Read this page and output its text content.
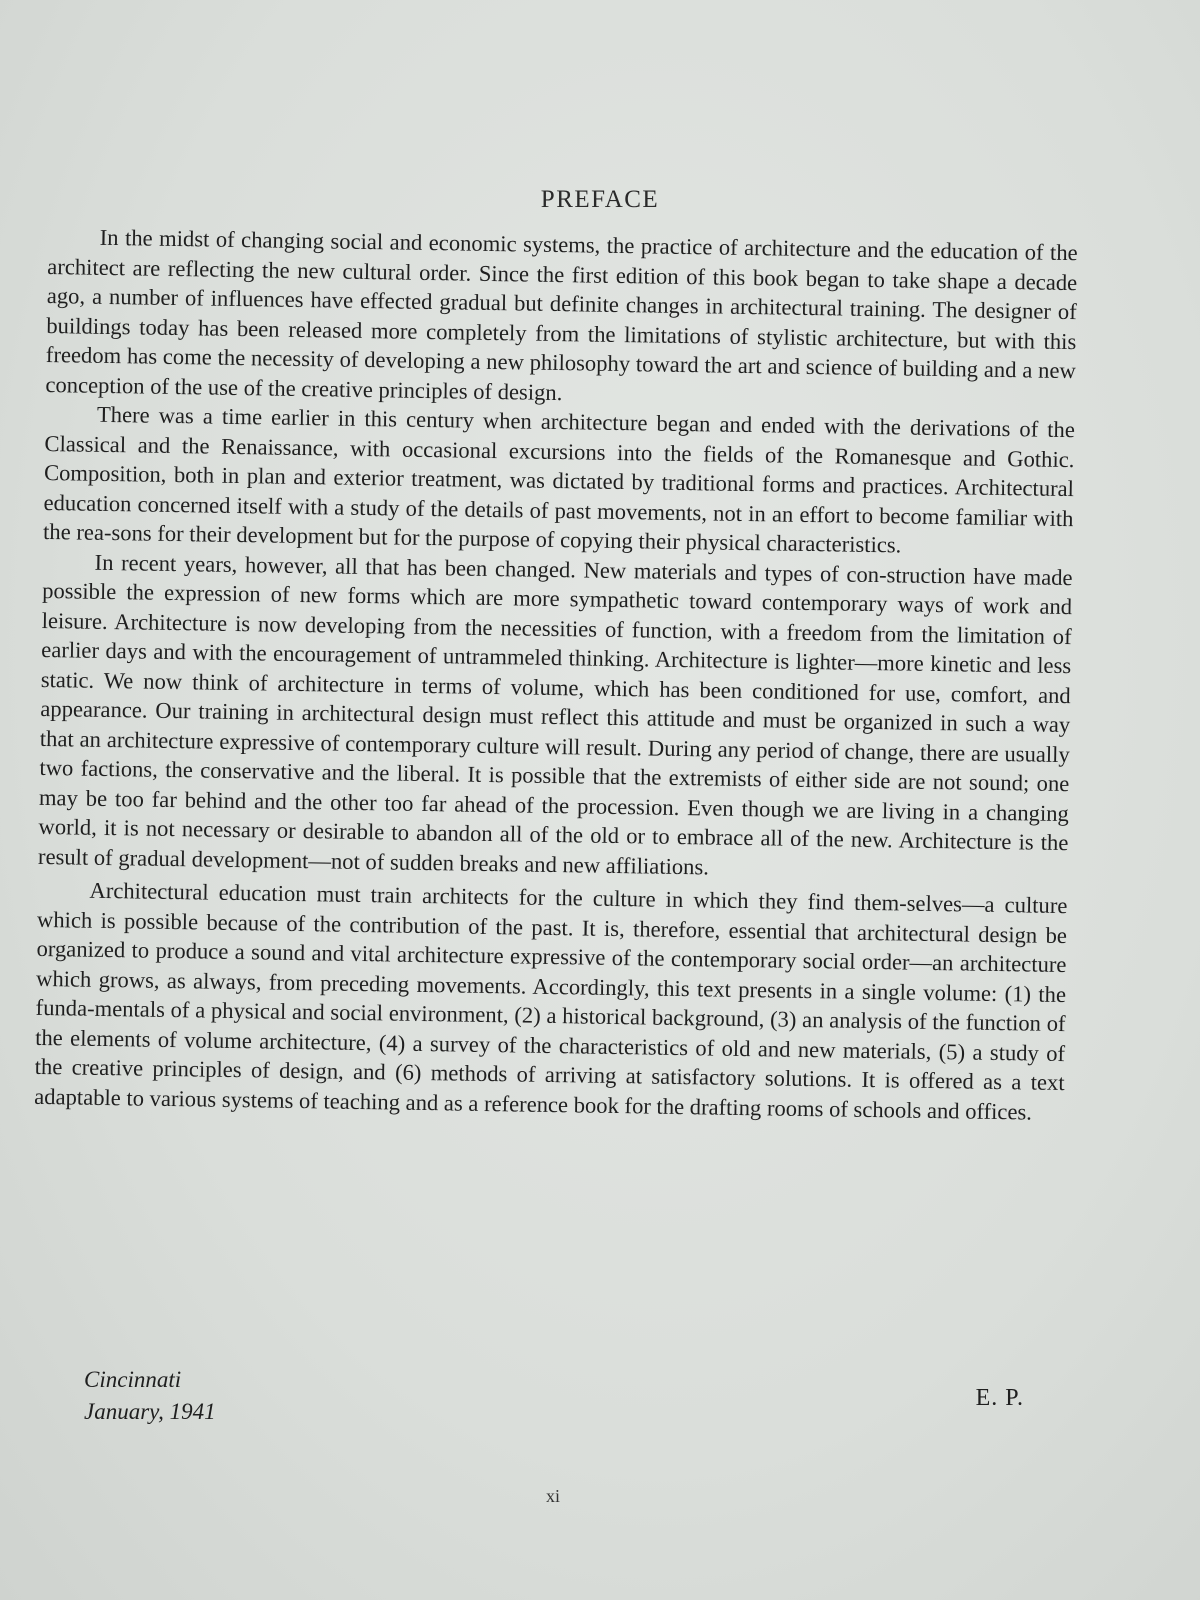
PREFACE

In the midst of changing social and economic systems, the practice of architecture and the education of the architect are reflecting the new cultural order. Since the first edition of this book began to take shape a decade ago, a number of influences have effected gradual but definite changes in architectural training. The designer of buildings today has been released more completely from the limitations of stylistic architecture, but with this freedom has come the necessity of developing a new philosophy toward the art and science of building and a new conception of the use of the creative principles of design.

There was a time earlier in this century when architecture began and ended with the derivations of the Classical and the Renaissance, with occasional excursions into the fields of the Romanesque and Gothic. Composition, both in plan and exterior treatment, was dictated by traditional forms and practices. Architectural education concerned itself with a study of the details of past movements, not in an effort to become familiar with the rea-sons for their development but for the purpose of copying their physical characteristics.

In recent years, however, all that has been changed. New materials and types of con-struction have made possible the expression of new forms which are more sympathetic toward contemporary ways of work and leisure. Architecture is now developing from the necessities of function, with a freedom from the limitation of earlier days and with the encouragement of untrammeled thinking. Architecture is lighter—more kinetic and less static. We now think of architecture in terms of volume, which has been conditioned for use, comfort, and appearance. Our training in architectural design must reflect this attitude and must be organized in such a way that an architecture expressive of contemporary culture will result. During any period of change, there are usually two factions, the conservative and the liberal. It is possible that the extremists of either side are not sound; one may be too far behind and the other too far ahead of the procession. Even though we are living in a changing world, it is not necessary or desirable to abandon all of the old or to embrace all of the new. Architecture is the result of gradual development—not of sudden breaks and new affiliations.

Architectural education must train architects for the culture in which they find them-selves—a culture which is possible because of the contribution of the past. It is, therefore, essential that architectural design be organized to produce a sound and vital architecture expressive of the contemporary social order—an architecture which grows, as always, from preceding movements. Accordingly, this text presents in a single volume: (1) the funda-mentals of a physical and social environment, (2) a historical background, (3) an analysis of the function of the elements of volume architecture, (4) a survey of the characteristics of old and new materials, (5) a study of the creative principles of design, and (6) methods of arriving at satisfactory solutions. It is offered as a text adaptable to various systems of teaching and as a reference book for the drafting rooms of schools and offices.

Cincinnati
January, 1941
E. P.
xi
